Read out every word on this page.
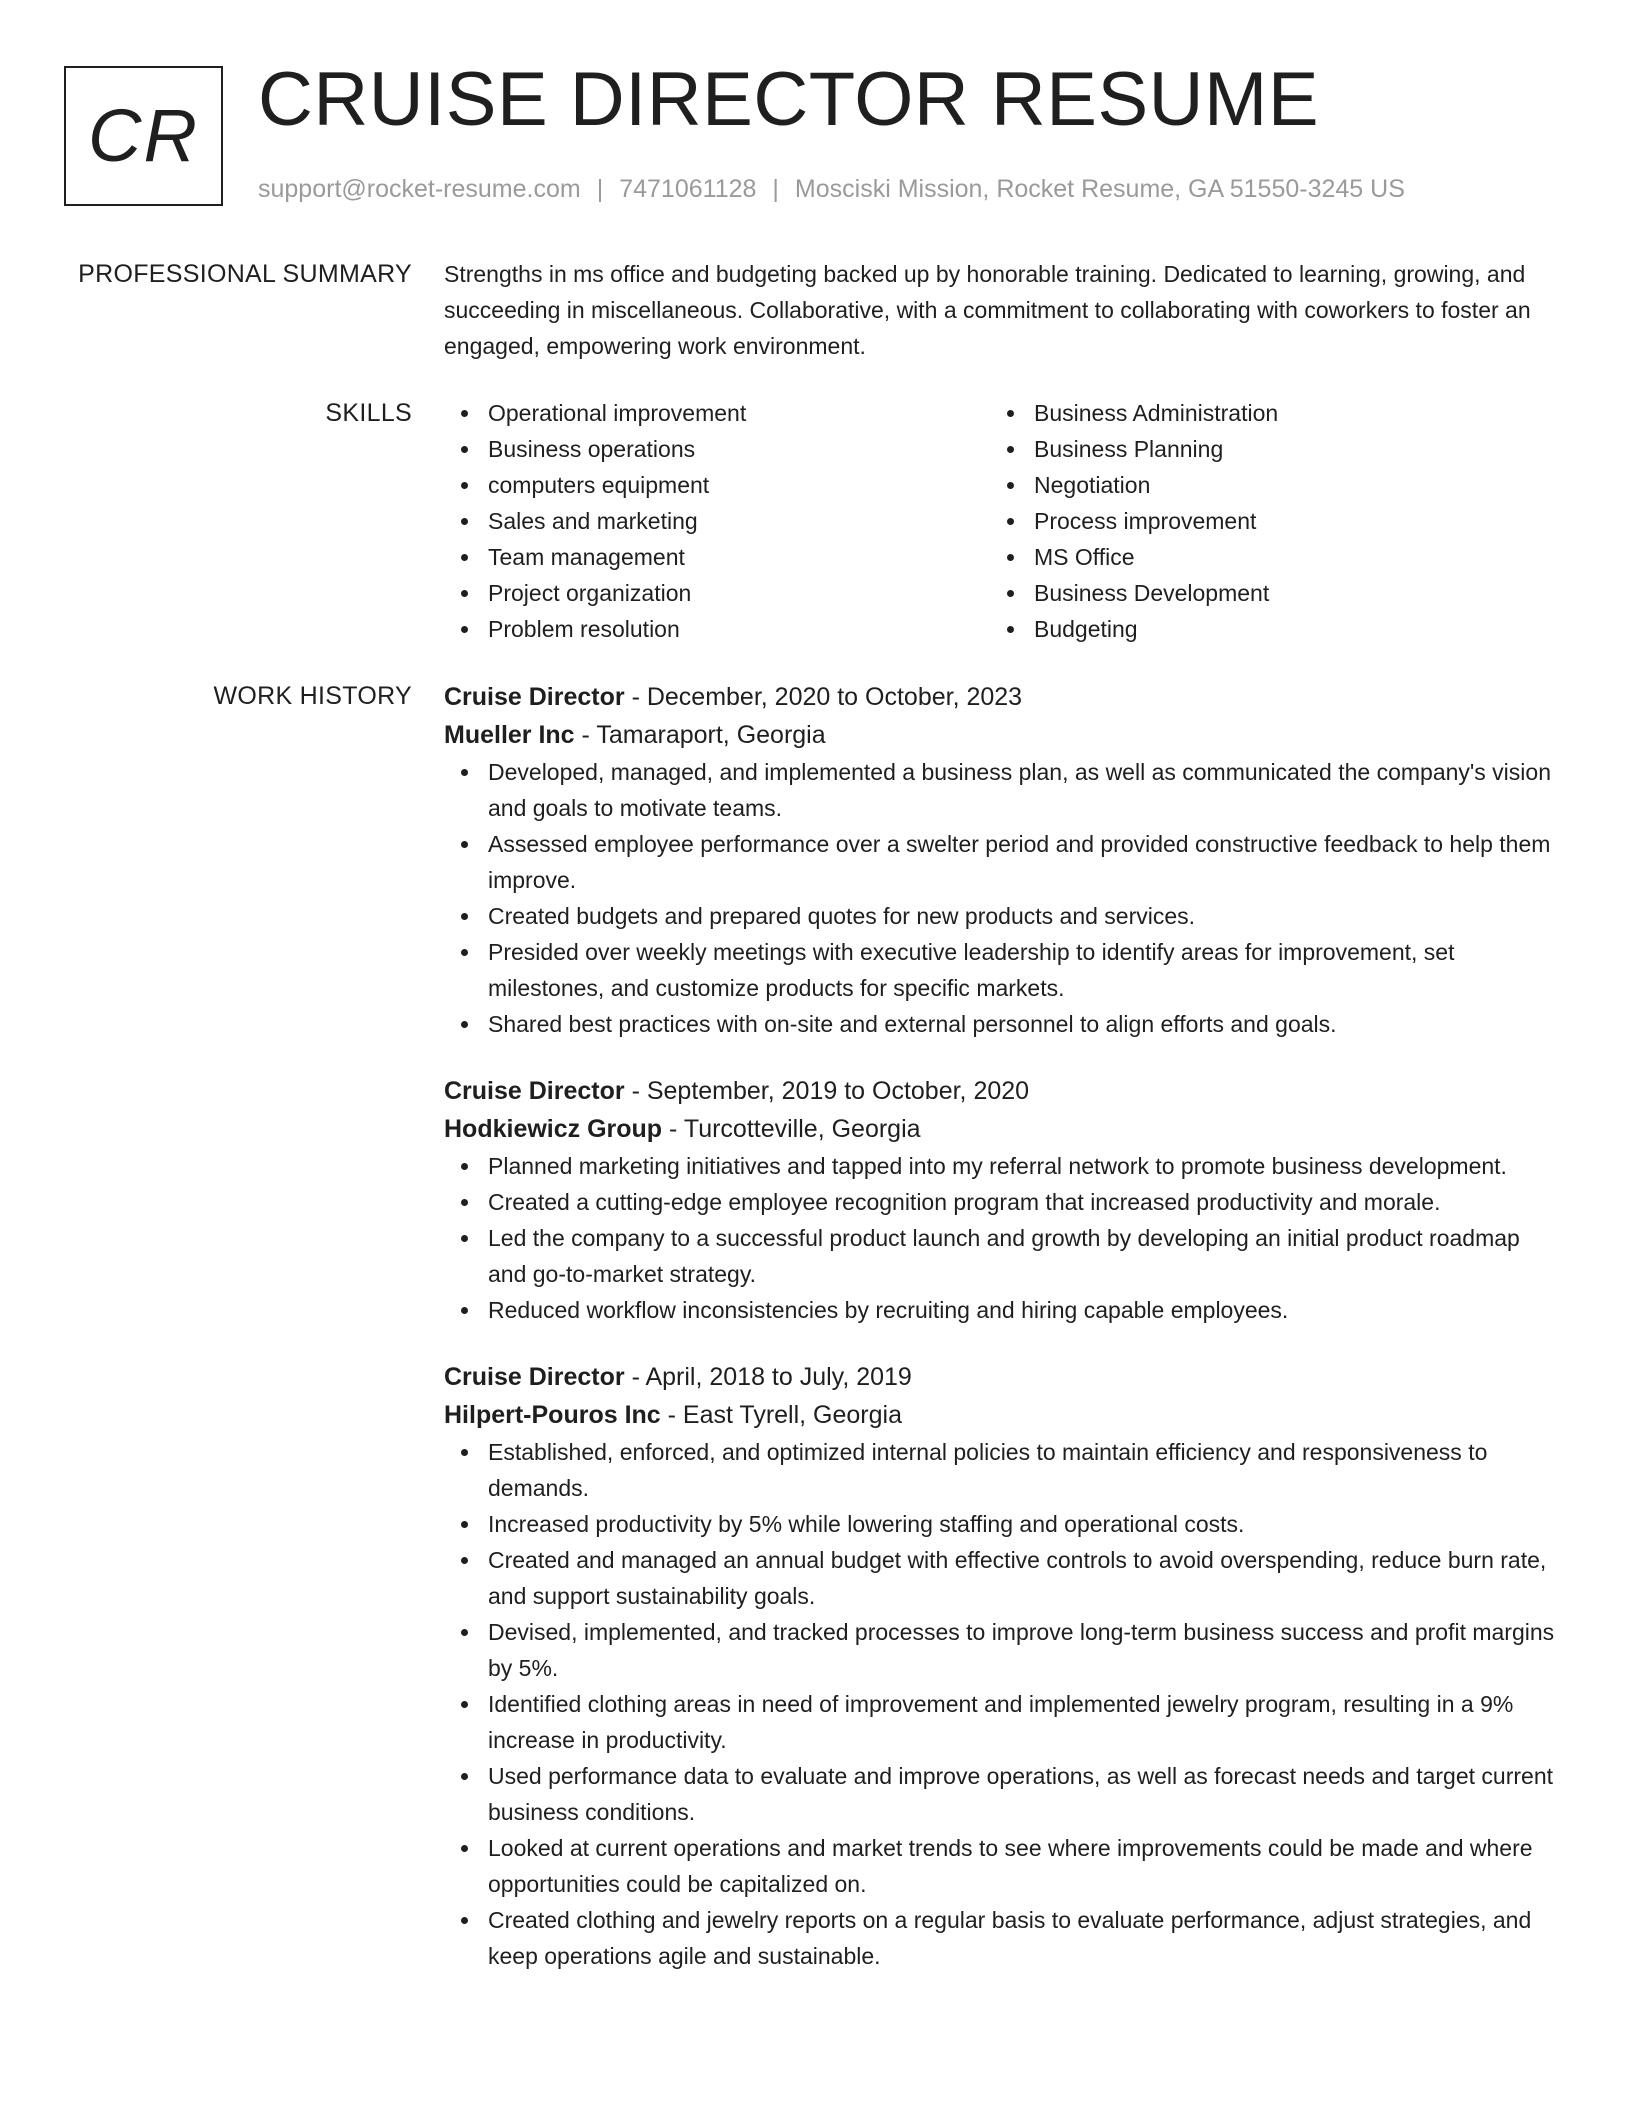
CR CRUISE DIRECTOR RESUME
support@rocket-resume.com | 7471061128 | Mosciski Mission, Rocket Resume, GA 51550-3245 US
PROFESSIONAL SUMMARY Strengths in ms office and budgeting backed up by honorable training. Dedicated to learning, growing, and succeeding in miscellaneous. Collaborative, with a commitment to collaborating with coworkers to foster an engaged, empowering work environment.

SKILLS	Operational improvement
Business operations
computers equipment
Sales and marketing
Team management
Project organization
Problem resolution
Business Administration
Business Planning
Negotiation
Process improvement
MS Office
Business Development
Budgeting
WORK HISTORY Cruise Director - December, 2020 to October, 2023
Mueller Inc - Tamaraport, Georgia
Developed, managed, and implemented a business plan, as well as communicated the company's vision and goals to motivate teams.
Assessed employee performance over a swelter period and provided constructive feedback to help them improve.
Created budgets and prepared quotes for new products and services.
Presided over weekly meetings with executive leadership to identify areas for improvement, set milestones, and customize products for specific markets.
Shared best practices with on-site and external personnel to align efforts and goals.
Cruise Director - September, 2019 to October, 2020
Hodkiewicz Group - Turcotteville, Georgia
Planned marketing initiatives and tapped into my referral network to promote business development.
Created a cutting-edge employee recognition program that increased productivity and morale.
Led the company to a successful product launch and growth by developing an initial product roadmap and go-to-market strategy.
Reduced workflow inconsistencies by recruiting and hiring capable employees.
Cruise Director - April, 2018 to July, 2019
Hilpert-Pouros Inc - East Tyrell, Georgia
Established, enforced, and optimized internal policies to maintain efficiency and responsiveness to demands.
Increased productivity by 5% while lowering staffing and operational costs.
Created and managed an annual budget with effective controls to avoid overspending, reduce burn rate, and support sustainability goals.
Devised, implemented, and tracked processes to improve long-term business success and profit margins by 5%.
Identified clothing areas in need of improvement and implemented jewelry program, resulting in a 9% increase in productivity.
Used performance data to evaluate and improve operations, as well as forecast needs and target current business conditions.
Looked at current operations and market trends to see where improvements could be made and where opportunities could be capitalized on.
Created clothing and jewelry reports on a regular basis to evaluate performance, adjust strategies, and keep operations agile and sustainable.
